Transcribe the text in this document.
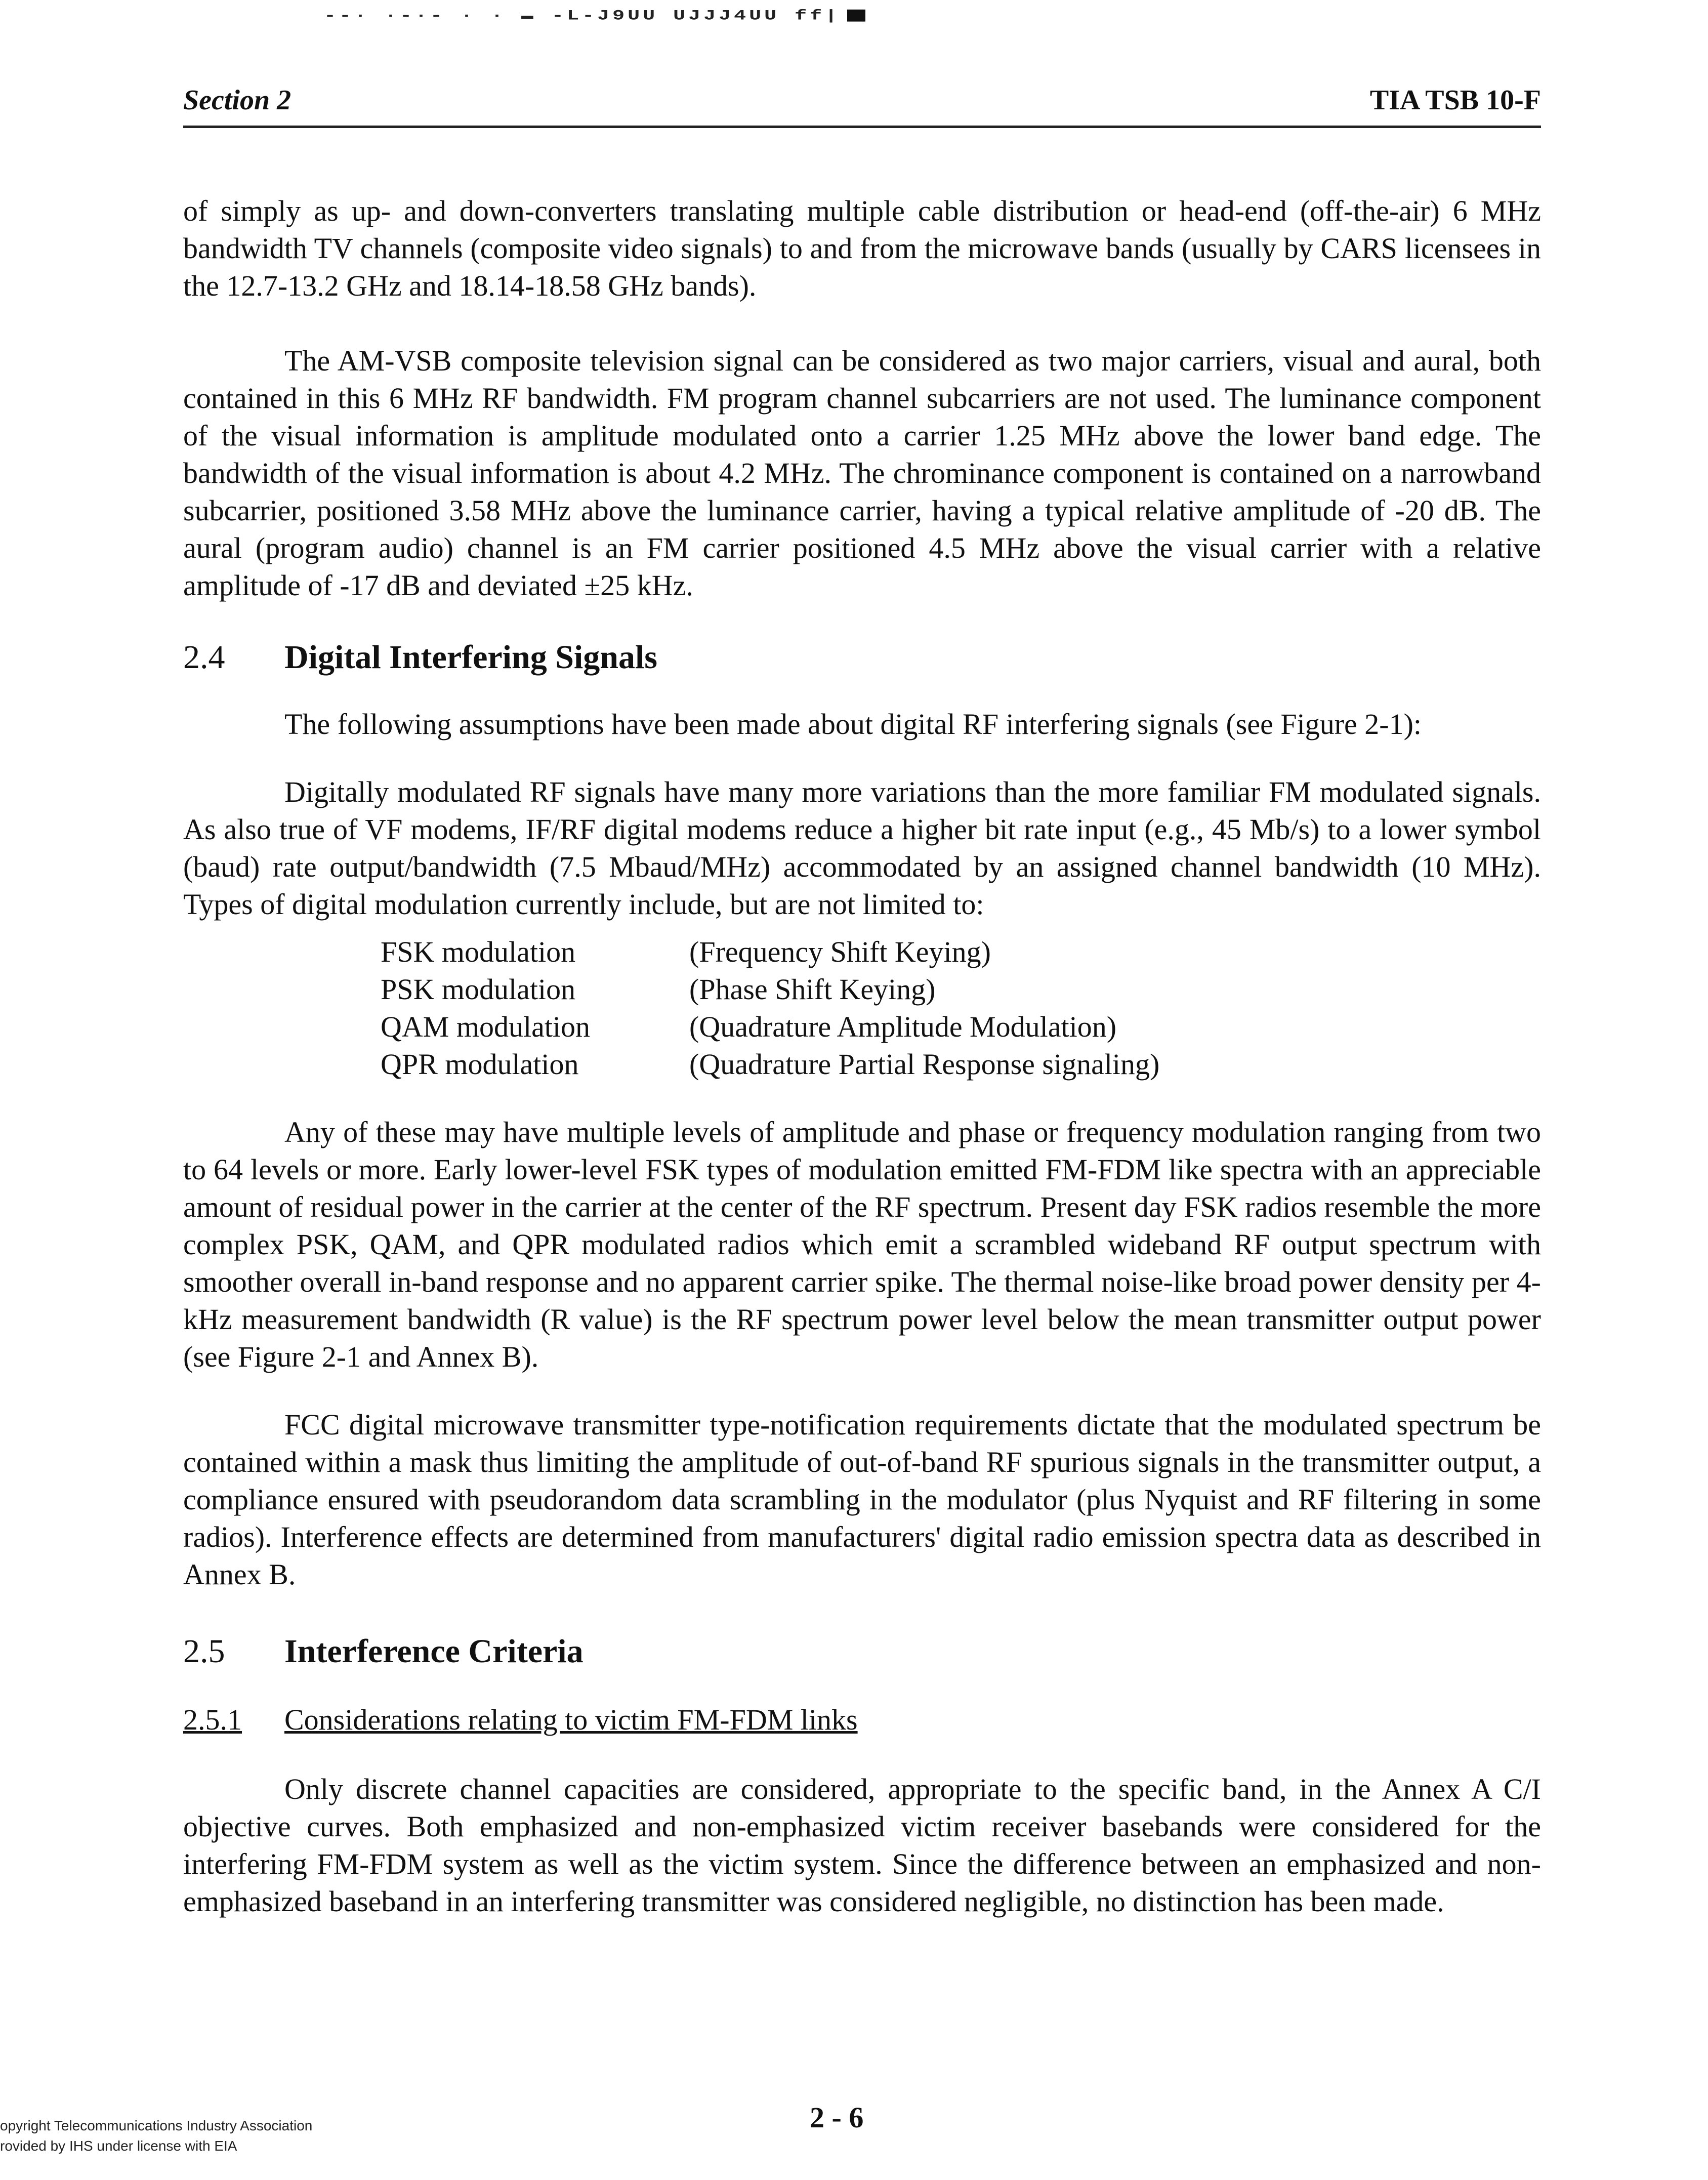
--· ·-·- · · ▬ -L-J9UU UJJJ4UU ff|
Section 2	TIA TSB 10-F

of simply as up- and down-converters translating multiple cable distribution or head-end (off-the-air) 6 MHz bandwidth TV channels (composite video signals) to and from the microwave bands (usually by CARS licensees in the 12.7-13.2 GHz and 18.14-18.58 GHz bands).

The AM-VSB composite television signal can be considered as two major carriers, visual and aural, both contained in this 6 MHz RF bandwidth. FM program channel subcarriers are not used. The luminance component of the visual information is amplitude modulated onto a carrier 1.25 MHz above the lower band edge. The bandwidth of the visual information is about 4.2 MHz. The chrominance component is contained on a narrowband subcarrier, positioned 3.58 MHz above the luminance carrier, having a typical relative amplitude of -20 dB. The aural (program audio) channel is an FM carrier positioned 4.5 MHz above the visual carrier with a relative amplitude of -17 dB and deviated ±25 kHz.

2.4	Digital Interfering Signals

The following assumptions have been made about digital RF interfering signals (see Figure 2-1):

Digitally modulated RF signals have many more variations than the more familiar FM modulated signals. As also true of VF modems, IF/RF digital modems reduce a higher bit rate input (e.g., 45 Mb/s) to a lower symbol (baud) rate output/bandwidth (7.5 Mbaud/MHz) accommodated by an assigned channel bandwidth (10 MHz). Types of digital modulation currently include, but are not limited to:

FSK modulation	(Frequency Shift Keying)
PSK modulation	(Phase Shift Keying)
QAM modulation	(Quadrature Amplitude Modulation)
QPR modulation	(Quadrature Partial Response signaling)

Any of these may have multiple levels of amplitude and phase or frequency modulation ranging from two to 64 levels or more. Early lower-level FSK types of modulation emitted FM-FDM like spectra with an appreciable amount of residual power in the carrier at the center of the RF spectrum. Present day FSK radios resemble the more complex PSK, QAM, and QPR modulated radios which emit a scrambled wideband RF output spectrum with smoother overall in-band response and no apparent carrier spike. The thermal noise-like broad power density per 4-kHz measurement bandwidth (R value) is the RF spectrum power level below the mean transmitter output power (see Figure 2-1 and Annex B).

FCC digital microwave transmitter type-notification requirements dictate that the modulated spectrum be contained within a mask thus limiting the amplitude of out-of-band RF spurious signals in the transmitter output, a compliance ensured with pseudorandom data scrambling in the modulator (plus Nyquist and RF filtering in some radios). Interference effects are determined from manufacturers' digital radio emission spectra data as described in Annex B.

2.5	Interference Criteria
2.5.1	Considerations relating to victim FM-FDM links

Only discrete channel capacities are considered, appropriate to the specific band, in the Annex A C/I objective curves. Both emphasized and non-emphasized victim receiver basebands were considered for the interfering FM-FDM system as well as the victim system. Since the difference between an emphasized and non-emphasized baseband in an interfering transmitter was considered negligible, no distinction has been made.

2 - 6
opyright Telecommunications Industry Association
rovided by IHS under license with EIA
